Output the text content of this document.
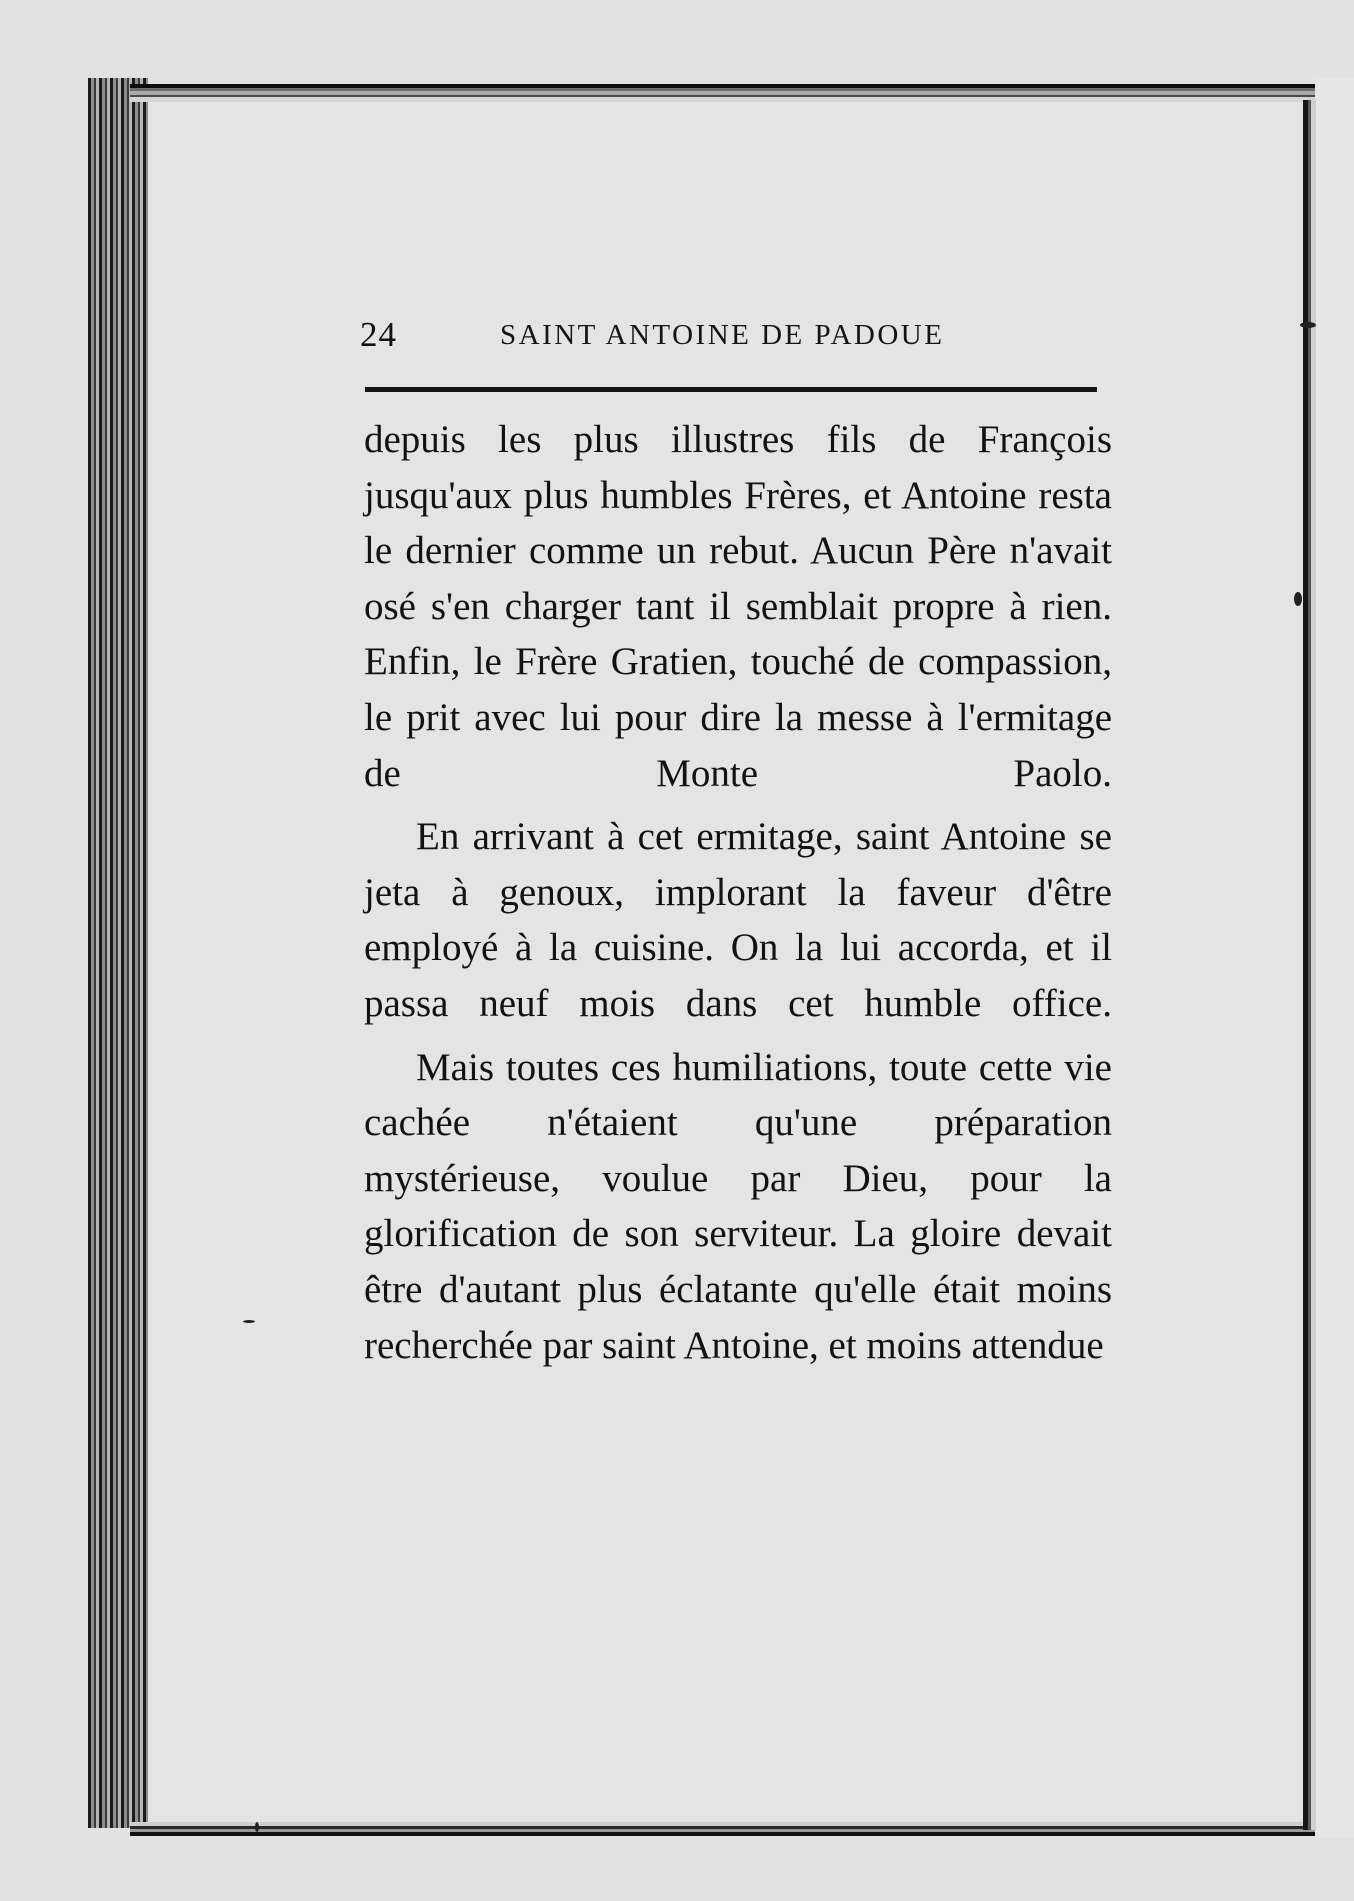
24	SAINT ANTOINE DE PADOUE

depuis les plus illustres fils de François jusqu'aux plus humbles Frères, et Antoine resta le dernier comme un rebut. Aucun Père n'avait osé s'en charger tant il semblait propre à rien. Enfin, le Frère Gratien, touché de compassion, le prit avec lui pour dire la messe à l'ermitage de Monte Paolo.

En arrivant à cet ermitage, saint Antoine se jeta à genoux, implorant la faveur d'être employé à la cuisine. On la lui accorda, et il passa neuf mois dans cet humble office.

Mais toutes ces humiliations, toute cette vie cachée n'étaient qu'une préparation mystérieuse, voulue par Dieu, pour la glorification de son serviteur. La gloire devait être d'autant plus éclatante qu'elle était moins recherchée par saint Antoine, et moins attendue
